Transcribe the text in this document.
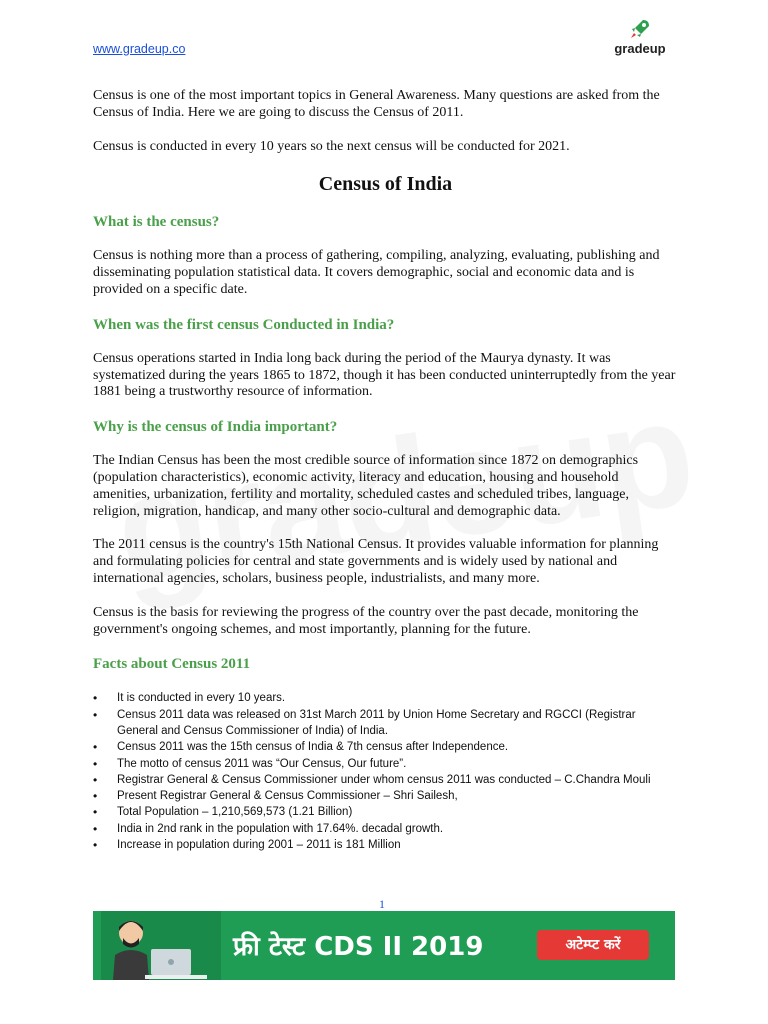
www.gradeup.co	gradeup

Census is one of the most important topics in General Awareness. Many questions are asked from the Census of India. Here we are going to discuss the Census of 2011.

Census is conducted in every 10 years so the next census will be conducted for 2021.

Census of India
What is the census?

Census is nothing more than a process of gathering, compiling, analyzing, evaluating, publishing and disseminating population statistical data. It covers demographic, social and economic data and is provided on a specific date.

When was the first census Conducted in India?

Census operations started in India long back during the period of the Maurya dynasty. It was systematized during the years 1865 to 1872, though it has been conducted uninterruptedly from the year 1881 being a trustworthy resource of information.

Why is the census of India important?

The Indian Census has been the most credible source of information since 1872 on demographics (population characteristics), economic activity, literacy and education, housing and household amenities, urbanization, fertility and mortality, scheduled castes and scheduled tribes, language, religion, migration, handicap, and many other socio-cultural and demographic data.

The 2011 census is the country's 15th National Census. It provides valuable information for planning and formulating policies for central and state governments and is widely used by national and international agencies, scholars, business people, industrialists, and many more.

Census is the basis for reviewing the progress of the country over the past decade, monitoring the government's ongoing schemes, and most importantly, planning for the future.

Facts about Census 2011
• It is conducted in every 10 years.
• Census 2011 data was released on 31st March 2011 by Union Home Secretary and RGCCI (Registrar General and Census Commissioner of India) of India.
• Census 2011 was the 15th census of India & 7th census after Independence.
• The motto of census 2011 was “Our Census, Our future”.
• Registrar General & Census Commissioner under whom census 2011 was conducted – C.Chandra Mouli
• Present Registrar General & Census Commissioner – Shri Sailesh,
• Total Population – 1,210,569,573 (1.21 Billion)
• India in 2nd rank in the population with 17.64%. decadal growth.
• Increase in population during 2001 – 2011 is 181 Million
1
फ्री टेस्ट CDS II 2019	अटेम्प्ट करें
